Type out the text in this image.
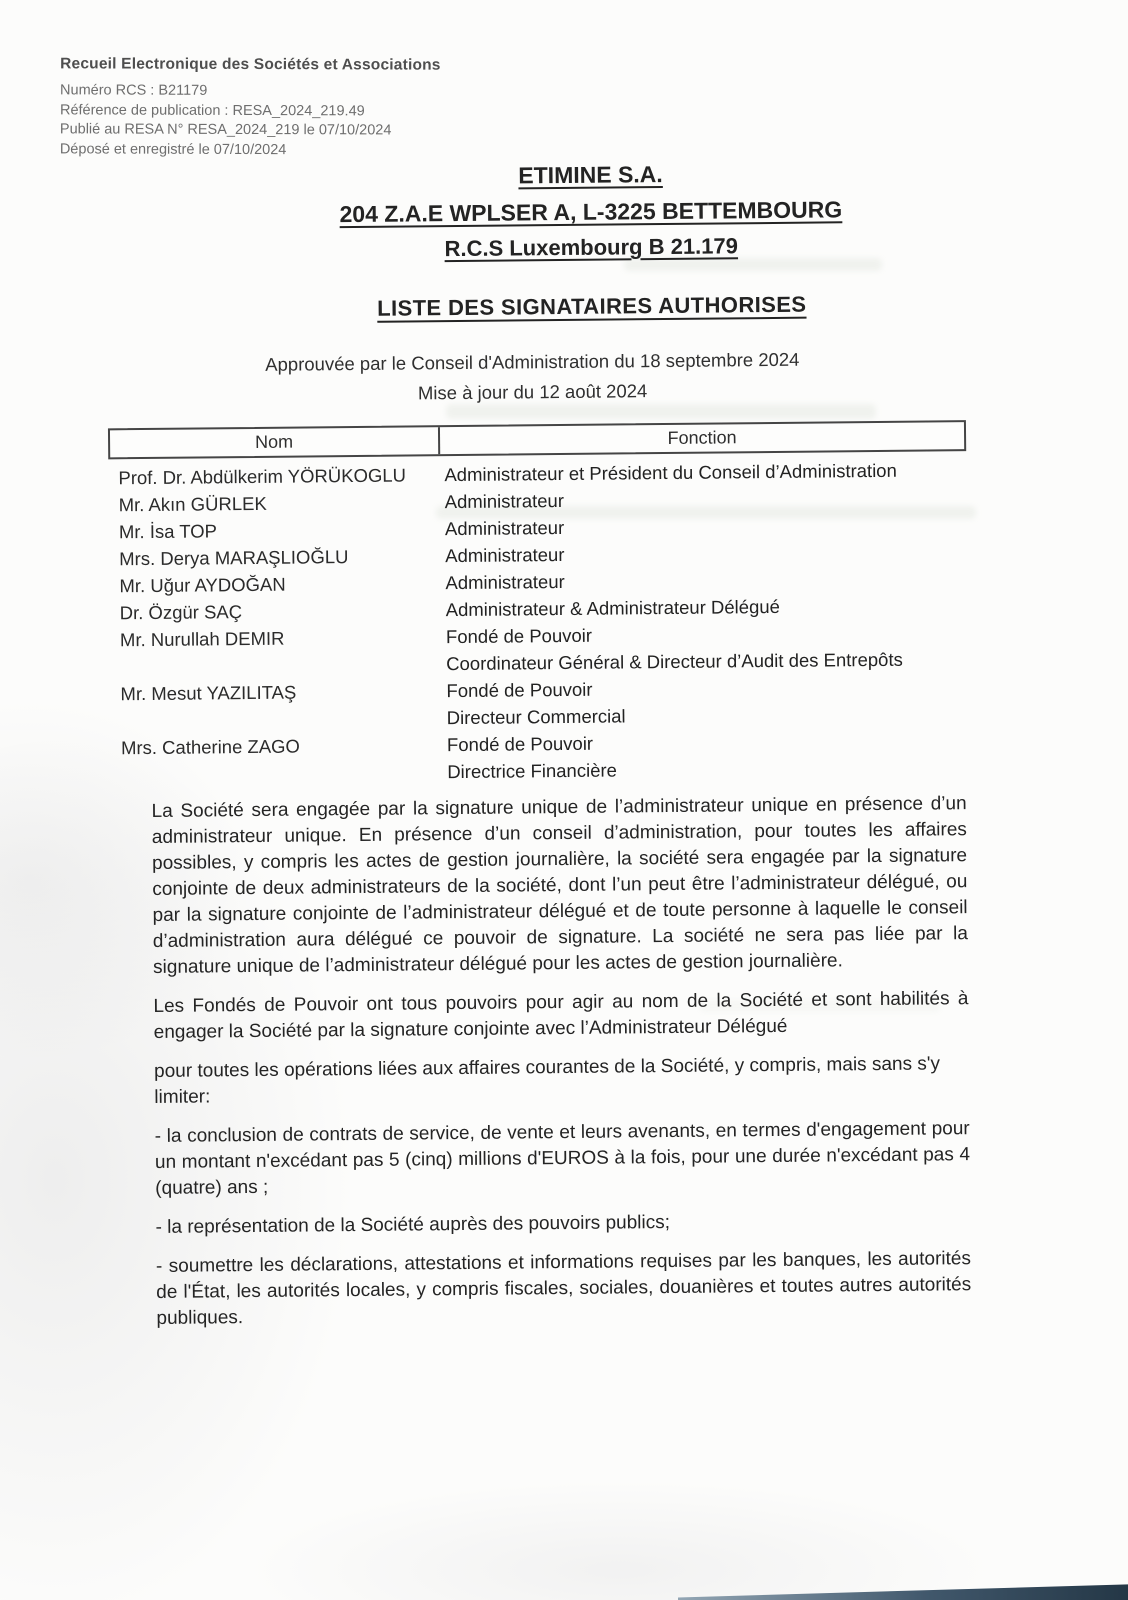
Recueil Electronique des Sociétés et Associations
Numéro RCS : B21179
Référence de publication : RESA_2024_219.49
Publié au RESA N° RESA_2024_219 le 07/10/2024
Déposé et enregistré le 07/10/2024
ETIMINE S.A.
204 Z.A.E WPLSER A, L-3225 BETTEMBOURG
R.C.S Luxembourg B 21.179
LISTE DES SIGNATAIRES AUTHORISES
Approuvée par le Conseil d'Administration du 18 septembre 2024
Mise à jour du 12 août 2024
Nom	Fonction
Prof. Dr. Abdülkerim YÖRÜKOGLU	Administrateur et Président du Conseil d’Administration
Mr. Akın GÜRLEK	Administrateur
Mr. İsa TOP	Administrateur
Mrs. Derya MARAŞLIOĞLU	Administrateur
Mr. Uğur AYDOĞAN	Administrateur
Dr. Özgür SAÇ	Administrateur & Administrateur Délégué
Mr. Nurullah DEMIR	Fondé de Pouvoir
Coordinateur Général & Directeur d’Audit des Entrepôts
Mr. Mesut YAZILITAŞ	Fondé de Pouvoir
Directeur Commercial
Mrs. Catherine ZAGO	Fondé de Pouvoir
Directrice Financière

La Société sera engagée par la signature unique de l’administrateur unique en présence d’un administrateur unique. En présence d’un conseil d’administration, pour toutes les affaires possibles, y compris les actes de gestion journalière, la société sera engagée par la signature conjointe de deux administrateurs de la société, dont l’un peut être l’administrateur délégué, ou par la signature conjointe de l’administrateur délégué et de toute personne à laquelle le conseil d’administration aura délégué ce pouvoir de signature. La société ne sera pas liée par la signature unique de l’administrateur délégué pour les actes de gestion journalière.

Les Fondés de Pouvoir ont tous pouvoirs pour agir au nom de la Société et sont habilités à engager la Société par la signature conjointe avec l’Administrateur Délégué

pour toutes les opérations liées aux affaires courantes de la Société, y compris, mais sans s'y limiter:

- la conclusion de contrats de service, de vente et leurs avenants, en termes d'engagement pour un montant n'excédant pas 5 (cinq) millions d'EUROS à la fois, pour une durée n'excédant pas 4 (quatre) ans ;

- la représentation de la Société auprès des pouvoirs publics;

- soumettre les déclarations, attestations et informations requises par les banques, les autorités de l'État, les autorités locales, y compris fiscales, sociales, douanières et toutes autres autorités publiques.
